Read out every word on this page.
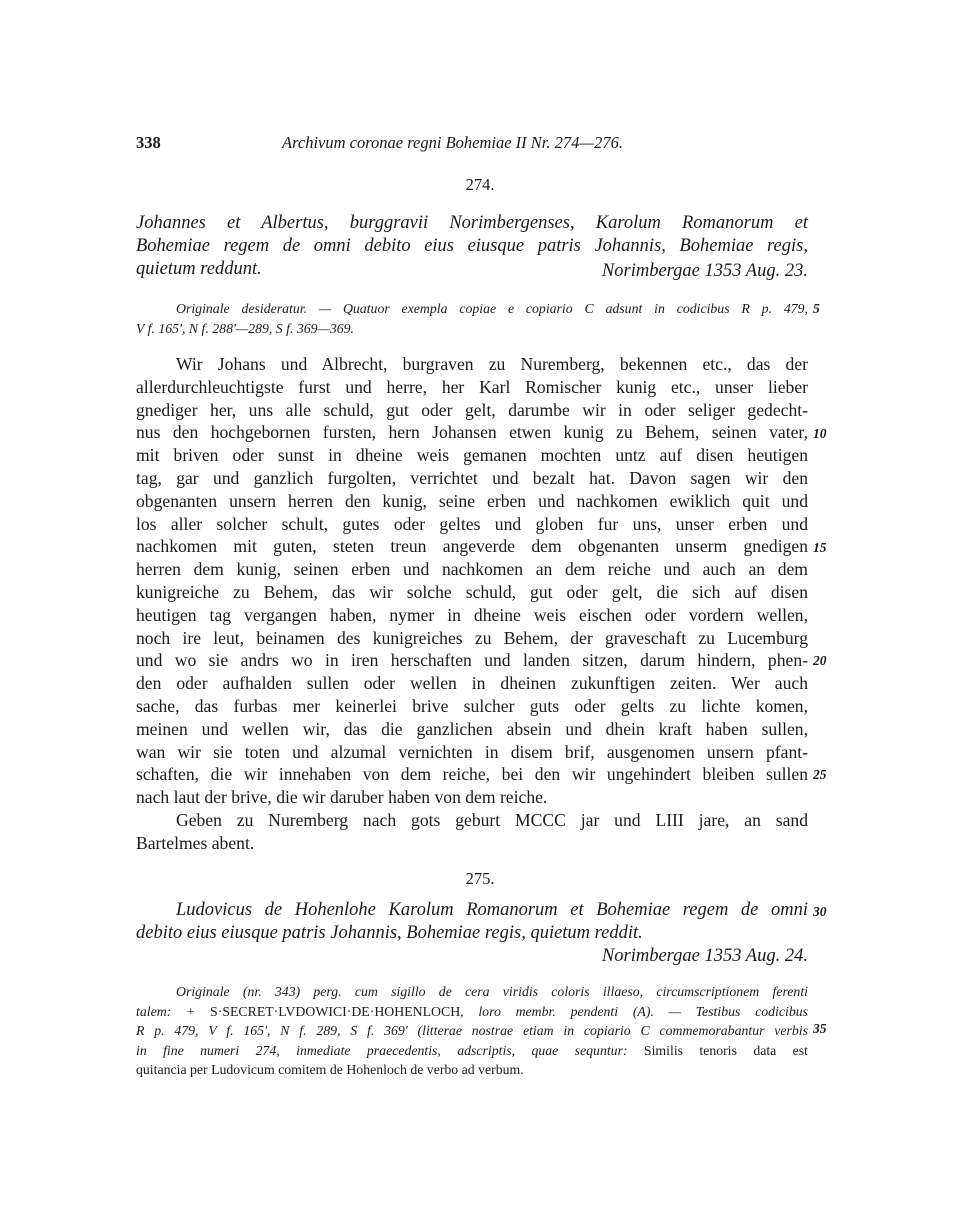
338	Archivum coronae regni Bohemiae II Nr. 274—276.
274.
Johannes et Albertus, burggravii Norimbergenses, Karolum Romanorum et
Bohemiae regem de omni debito eius eiusque patris Johannis, Bohemiae regis,
quietum reddunt.	Norimbergae 1353 Aug. 23.
Originale desideratur. — Quatuor exempla copiae e copiario C adsunt in codicibus R p. 479,
V f. 165', N f. 288'—289, S f. 369—369.
5
Wir Johans und Albrecht, burgraven zu Nuremberg, bekennen etc., das der
allerdurchleuchtigste furst und herre, her Karl Romischer kunig etc., unser lieber
gnediger her, uns alle schuld, gut oder gelt, darumbe wir in oder seliger gedecht-
nus den hochgebornen fursten, hern Johansen etwen kunig zu Behem, seinen vater,
mit briven oder sunst in dheine weis gemanen mochten untz auf disen heutigen
tag, gar und ganzlich furgolten, verrichtet und bezalt hat. Davon sagen wir den
obgenanten unsern herren den kunig, seine erben und nachkomen ewiklich quit und
los aller solcher schult, gutes oder geltes und globen fur uns, unser erben und
nachkomen mit guten, steten treun angeverde dem obgenanten unserm gnedigen
herren dem kunig, seinen erben und nachkomen an dem reiche und auch an dem
kunigreiche zu Behem, das wir solche schuld, gut oder gelt, die sich auf disen
heutigen tag vergangen haben, nymer in dheine weis eischen oder vordern wellen,
noch ire leut, beinamen des kunigreiches zu Behem, der graveschaft zu Lucemburg
und wo sie andrs wo in iren herschaften und landen sitzen, darum hindern, phen-
den oder aufhalden sullen oder wellen in dheinen zukunftigen zeiten. Wer auch
sache, das furbas mer keinerlei brive sulcher guts oder gelts zu lichte komen,
meinen und wellen wir, das die ganzlichen absein und dhein kraft haben sullen,
wan wir sie toten und alzumal vernichten in disem brif, ausgenomen unsern pfant-
schaften, die wir innehaben von dem reiche, bei den wir ungehindert bleiben sullen
nach laut der brive, die wir daruber haben von dem reiche.
Geben zu Nuremberg nach gots geburt MCCC jar und LIII jare, an sand
Bartelmes abent.
10
15
20
25
275.
Ludovicus de Hohenlohe Karolum Romanorum et Bohemiae regem de omni
debito eius eiusque patris Johannis, Bohemiae regis, quietum reddit.
Norimbergae 1353 Aug. 24.
30
Originale (nr. 343) perg. cum sigillo de cera viridis coloris illaeso, circumscriptionem ferenti
talem: + S·SECRET·LVDOWICI·DE·HOHENLOCH, loro membr. pendenti (A). — Testibus codicibus
R p. 479, V f. 165', N f. 289, S f. 369' (litterae nostrae etiam in copiario C commemorabantur verbis
in fine numeri 274, inmediate praecedentis, adscriptis, quae sequntur: Similis tenoris data est
quitancia per Ludovicum comitem de Hohenloch de verbo ad verbum.
35
